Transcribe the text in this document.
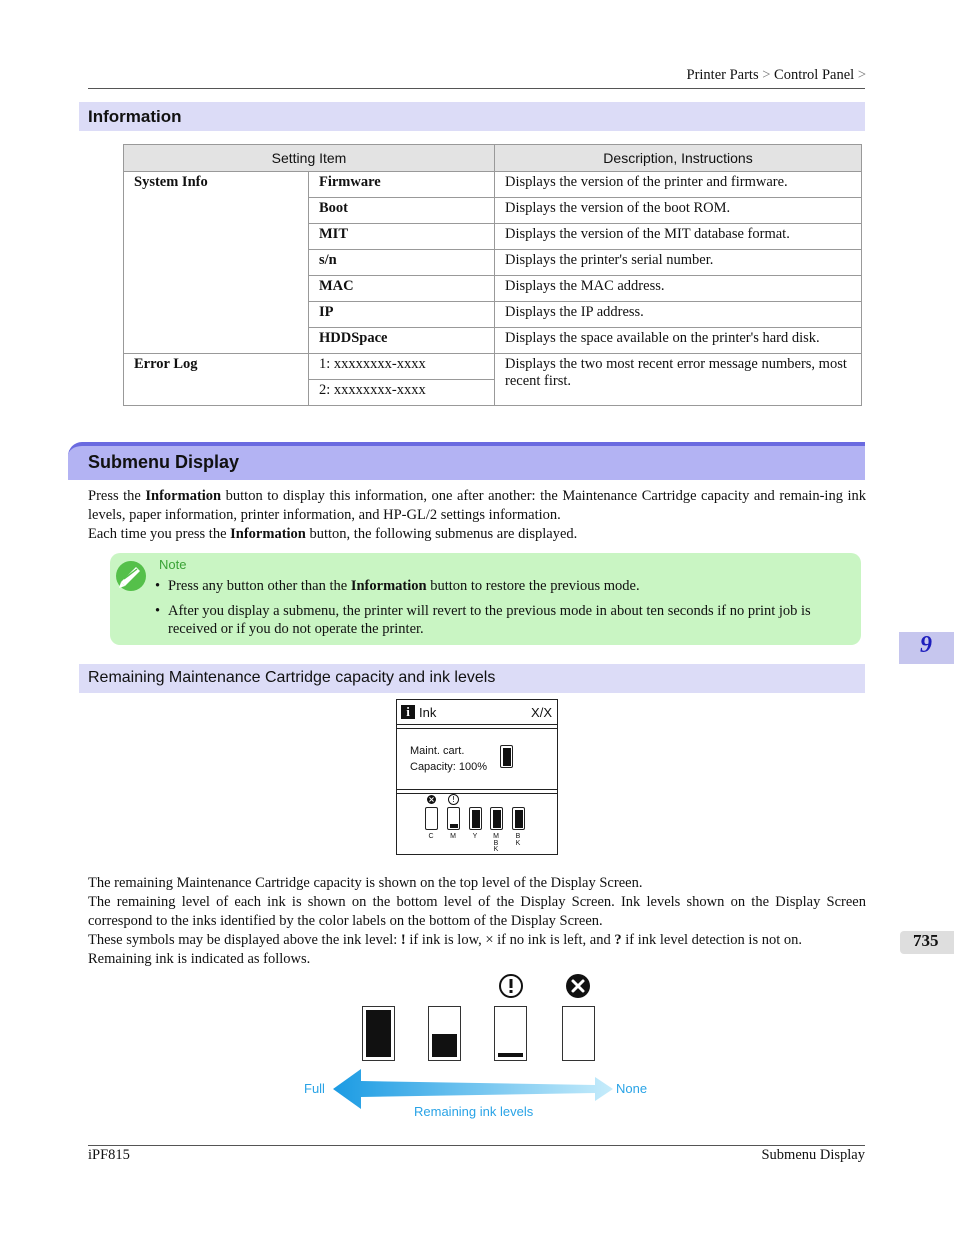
Printer Parts > Control Panel >
Information
Setting Item		Description, Instructions
System Info	Firmware	Displays the version of the printer and firmware.
	Boot	Displays the version of the boot ROM.
	MIT	Displays the version of the MIT database format.
	s/n	Displays the printer's serial number.
	MAC	Displays the MAC address.
	IP	Displays the IP address.
	HDDSpace	Displays the space available on the printer's hard disk.
Error Log	1: xxxxxxxx-xxxx	Displays the two most recent error message numbers, most recent first.
	2: xxxxxxxx-xxxx	
Submenu Display

Press the Information button to display this information, one after another: the Maintenance Cartridge capacity and remain-ing ink levels, paper information, printer information, and HP-GL/2 settings information.

Each time you press the Information button, the following submenus are displayed.

Note
• Press any button other than the Information button to restore the previous mode.
• After you display a submenu, the printer will revert to the previous mode in about ten seconds if no print job is received or if you do not operate the printer.
9
735
Remaining Maintenance Cartridge capacity and ink levels
i Ink	X/X
Maint. cart.
Capacity: 100%
×
C
!
M	Y	M
B
K
B
K

The remaining Maintenance Cartridge capacity is shown on the top level of the Display Screen.

The remaining level of each ink is shown on the bottom level of the Display Screen. Ink levels shown on the Display Screen correspond to the inks identified by the color labels on the bottom of the Display Screen.

These symbols may be displayed above the ink level: ! if ink is low, × if no ink is left, and ? if ink level detection is not on.

Remaining ink is indicated as follows.

Full	None
Remaining ink levels
iPF815	Submenu Display
